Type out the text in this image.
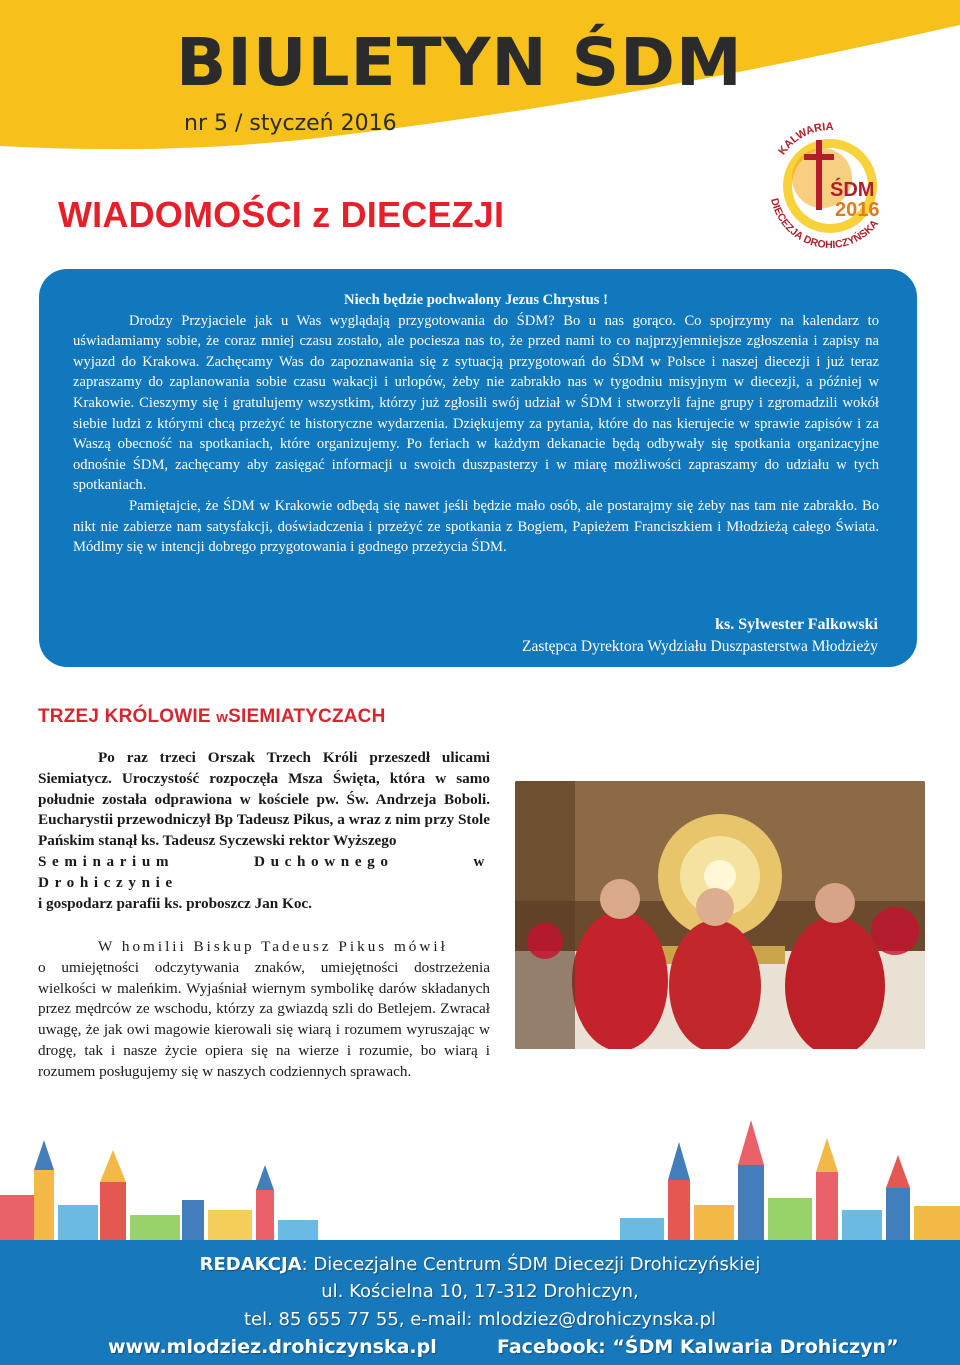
BIULETYN ŚDM
nr 5 / styczeń 2016
WIADOMOŚCI z DIECEZJI
ŚDM
2016
KALWARIA
DIECEZJA DROHICZYŃSKA

Niech będzie pochwalony Jezus Chrystus !

Drodzy Przyjaciele jak u Was wyglądają przygotowania do ŚDM? Bo u nas gorąco. Co spojrzymy na kalendarz to uświadamiamy sobie, że coraz mniej czasu zostało, ale pociesza nas to, że przed nami to co najprzyjemniejsze zgłoszenia i zapisy na wyjazd do Krakowa. Zachęcamy Was do zapoznawania się z sytuacją przygotowań do ŚDM w Polsce i naszej diecezji i już teraz zapraszamy do zaplanowania sobie czasu wakacji i urlopów, żeby nie zabrakło nas w tygodniu misyjnym w diecezji, a później w Krakowie. Cieszymy się i gratulujemy wszystkim, którzy już zgłosili swój udział w ŚDM i stworzyli fajne grupy i zgromadzili wokół siebie ludzi z którymi chcą przeżyć te historyczne wydarzenia. Dziękujemy za pytania, które do nas kierujecie w sprawie zapisów i za Waszą obecność na spotkaniach, które organizujemy. Po feriach w każdym dekanacie będą odbywały się spotkania organizacyjne odnośnie ŚDM, zachęcamy aby zasięgać informacji u swoich duszpasterzy i w miarę możliwości zapraszamy do udziału w tych spotkaniach.

Pamiętajcie, że ŚDM w Krakowie odbędą się nawet jeśli będzie mało osób, ale postarajmy się żeby nas tam nie zabrakło. Bo nikt nie zabierze nam satysfakcji, doświadczenia i przeżyć ze spotkania z Bogiem, Papieżem Franciszkiem i Młodzieżą całego Świata. Módlmy się w intencji dobrego przygotowania i godnego przeżycia ŚDM.

ks. Sylwester Falkowski
Zastępca Dyrektora Wydziału Duszpasterstwa Młodzieży
TRZEJ KRÓLOWIE wSIEMIATYCZACH

Po raz trzeci Orszak Trzech Króli przeszedł ulicami Siemiatycz. Uroczystość rozpoczęła Msza Święta, która w samo południe została odprawiona w kościele pw. Św. Andrzeja Boboli. Eucharystii przewodniczył Bp Tadeusz Pikus, a wraz z nim przy Stole Pańskim stanął ks. Tadeusz Syczewski rektor Wyższego

Seminarium Duchownego w Drohiczynie

i gospodarz parafii ks. proboszcz Jan Koc.

W homilii Biskup Tadeusz Pikus mówił

o umiejętności odczytywania znaków, umiejętności dostrzeżenia wielkości w maleńkim. Wyjaśniał wiernym symbolikę darów składanych przez mędrców ze wschodu, którzy za gwiazdą szli do Betlejem. Zwracał uwagę, że jak owi magowie kierowali się wiarą i rozumem wyruszając w drogę, tak i nasze życie opiera się na wierze i rozumie, bo wiarą i rozumem posługujemy się w naszych codziennych sprawach.

REDAKCJA: Diecezjalne Centrum ŚDM Diecezji Drohiczyńskiej
ul. Kościelna 10, 17-312 Drohiczyn,
tel. 85 655 77 55, e-mail: mlodziez@drohiczynska.pl
www.mlodziez.drohiczynska.pl	Facebook: “ŚDM Kalwaria Drohiczyn”
